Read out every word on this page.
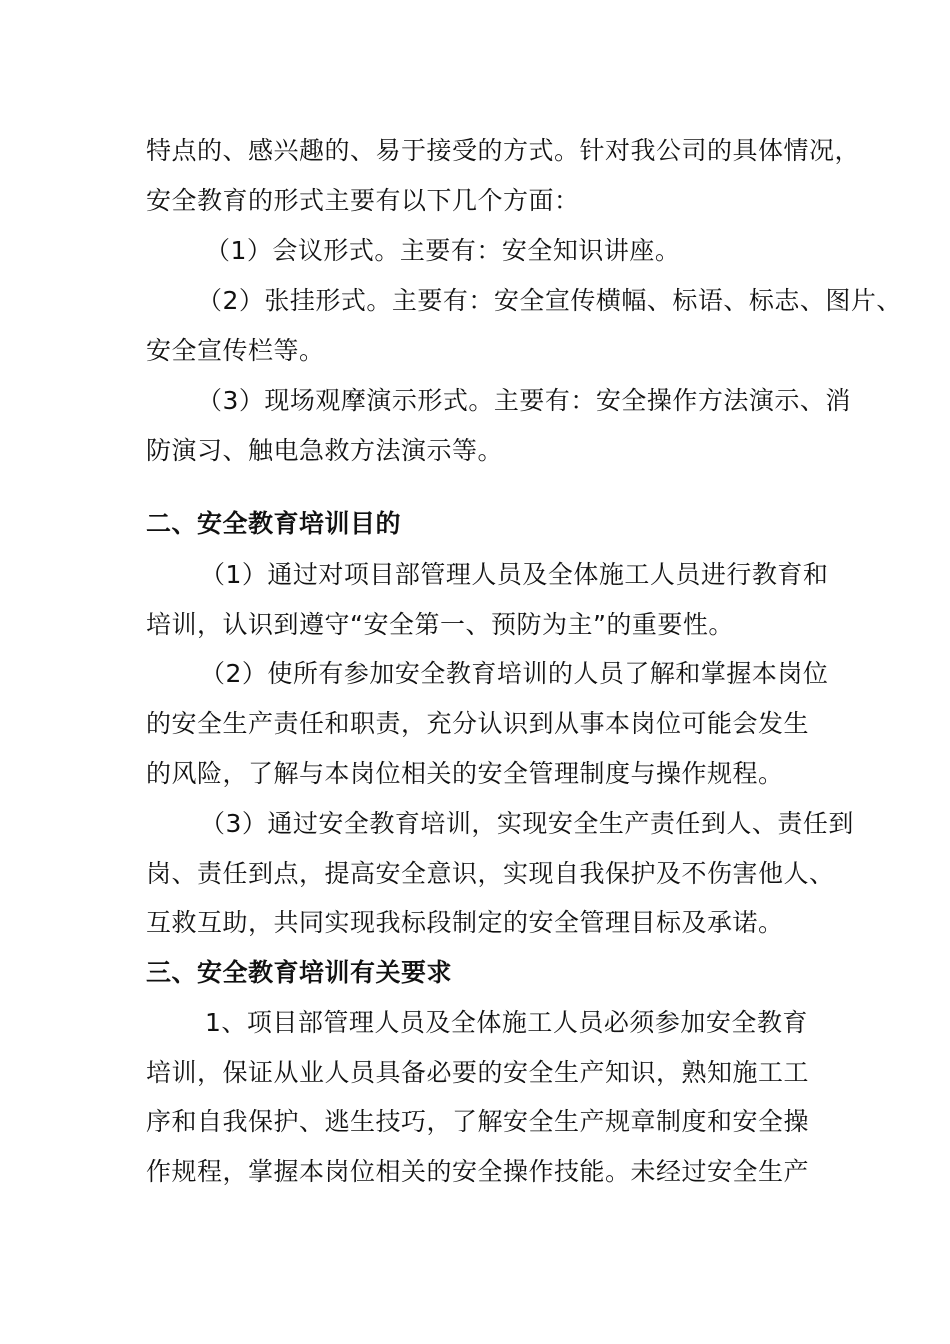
特点的、感兴趣的、易于接受的方式。针对我公司的具体情况，

安全教育的形式主要有以下几个方面：

（1）会议形式。主要有：安全知识讲座。

（2）张挂形式。主要有：安全宣传横幅、标语、标志、图片、

安全宣传栏等。

（3）现场观摩演示形式。主要有：安全操作方法演示、消

防演习、触电急救方法演示等。

二、安全教育培训目的

（1）通过对项目部管理人员及全体施工人员进行教育和

培训，认识到遵守“安全第一、预防为主”的重要性。

（2）使所有参加安全教育培训的人员了解和掌握本岗位

的安全生产责任和职责，充分认识到从事本岗位可能会发生

的风险，了解与本岗位相关的安全管理制度与操作规程。

（3）通过安全教育培训，实现安全生产责任到人、责任到

岗、责任到点，提高安全意识，实现自我保护及不伤害他人、

互救互助，共同实现我标段制定的安全管理目标及承诺。

三、安全教育培训有关要求

1、项目部管理人员及全体施工人员必须参加安全教育

培训，保证从业人员具备必要的安全生产知识，熟知施工工

序和自我保护、逃生技巧，了解安全生产规章制度和安全操

作规程，掌握本岗位相关的安全操作技能。未经过安全生产
